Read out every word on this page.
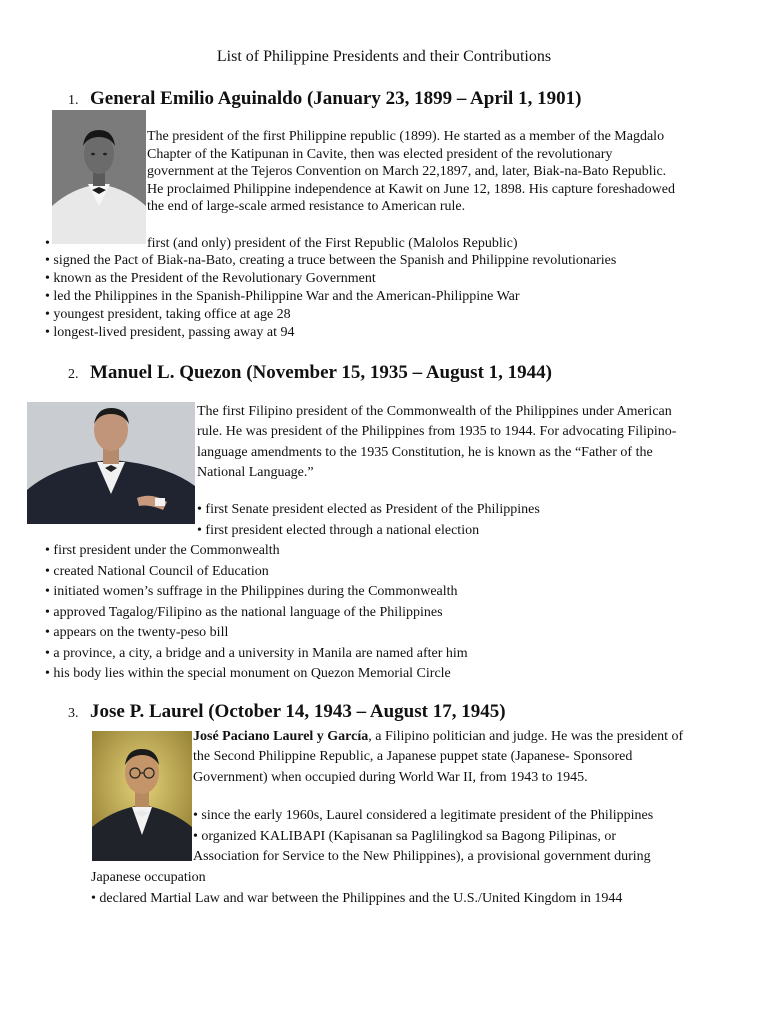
List of Philippine Presidents and their Contributions
1. General Emilio Aguinaldo (January 23, 1899 – April 1, 1901)
The president of the first Philippine republic (1899). He started as a member of the Magdalo
Chapter of the Katipunan in Cavite, then was elected president of the revolutionary
government at the Tejeros Convention on March 22,1897, and, later, Biak-na-Bato Republic.
He proclaimed Philippine independence at Kawit on June 12, 1898. His capture foreshadowed
the end of large-scale armed resistance to American rule.
•	first (and only) president of the First Republic (Malolos Republic)
• signed the Pact of Biak-na-Bato, creating a truce between the Spanish and Philippine revolutionaries
• known as the President of the Revolutionary Government
• led the Philippines in the Spanish-Philippine War and the American-Philippine War
• youngest president, taking office at age 28
• longest-lived president, passing away at 94
2. Manuel L. Quezon (November 15, 1935 – August 1, 1944)
The first Filipino president of the Commonwealth of the Philippines under American
rule. He was president of the Philippines from 1935 to 1944. For advocating Filipino-
language amendments to the 1935 Constitution, he is known as the “Father of the
National Language.”
• first Senate president elected as President of the Philippines
• first president elected through a national election
• first president under the Commonwealth
• created National Council of Education
• initiated women’s suffrage in the Philippines during the Commonwealth
• approved Tagalog/Filipino as the national language of the Philippines
• appears on the twenty-peso bill
• a province, a city, a bridge and a university in Manila are named after him
• his body lies within the special monument on Quezon Memorial Circle
3. Jose P. Laurel (October 14, 1943 – August 17, 1945)
José Paciano Laurel y García, a Filipino politician and judge. He was the president of
the Second Philippine Republic, a Japanese puppet state (Japanese- Sponsored
Government) when occupied during World War II, from 1943 to 1945.
• since the early 1960s, Laurel considered a legitimate president of the Philippines
• organized KALIBAPI (Kapisanan sa Paglilingkod sa Bagong Pilipinas, or
Association for Service to the New Philippines), a provisional government during
Japanese occupation
• declared Martial Law and war between the Philippines and the U.S./United Kingdom in 1944
